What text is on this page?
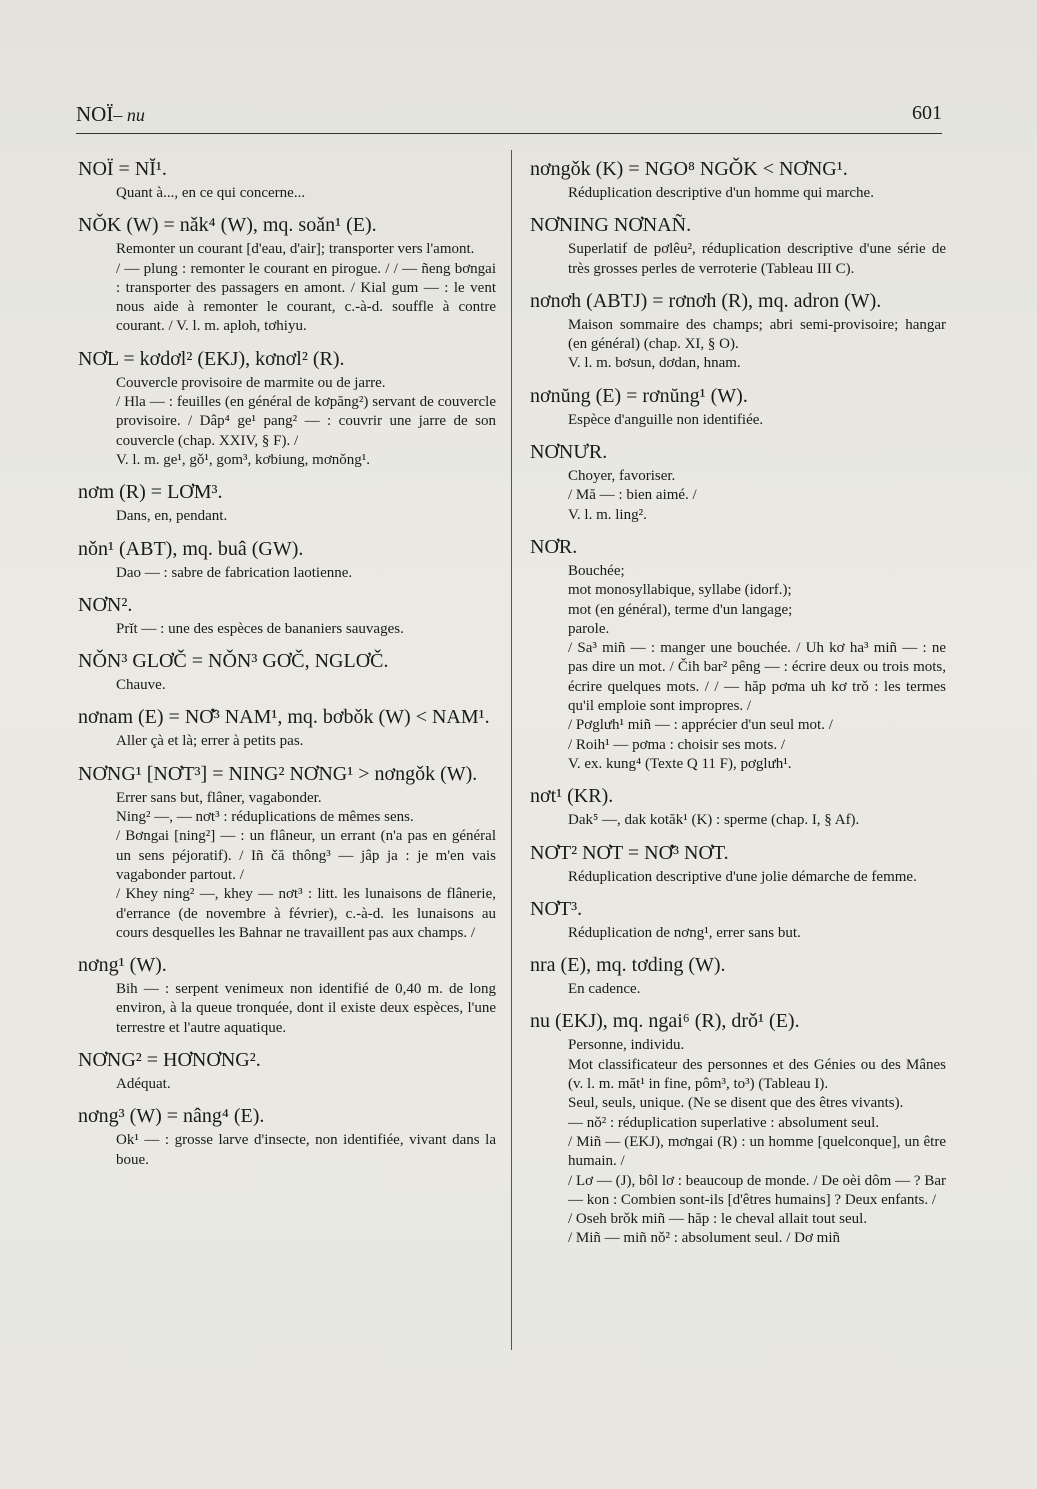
NOÏ– nu	601
NOÏ = NĬ¹.

Quant à..., en ce qui concerne...

NǑK (W) = nǎk⁴ (W), mq. soǎn¹ (E).

Remonter un courant [d'eau, d'air]; transporter vers l'amont.

/ — plung : remonter le courant en pirogue. / / — ñeng bơngai : transporter des passagers en amont. / Kial gum — : le vent nous aide à remonter le courant, c.-à-d. souffle à contre courant. / V. l. m. aploh, tơhiyu.

NƠL = kơdơl² (EKJ), kơnơl² (R).

Couvercle provisoire de marmite ou de jarre.

/ Hla — : feuilles (en général de kơpăng²) servant de couvercle provisoire. / Dâp⁴ ge¹ pang² — : couvrir une jarre de son couvercle (chap. XXIV, § F). /

V. l. m. ge¹, gǒ¹, gom³, kơbiung, mơnǒng¹.

nơm (R) = LƠM³.

Dans, en, pendant.

nǒn¹ (ABT), mq. buâ (GW).

Dao — : sabre de fabrication laotienne.

NƠN².

Prĭt — : une des espèces de bananiers sauvages.

NǑN³ GLƠČ = NǑN³ GƠČ, NGLƠČ.

Chauve.

nơnam (E) = NƠ̆³ NAM¹, mq. bơbǒk (W) < NAM¹.

Aller çà et là; errer à petits pas.

NƠNG¹ [NƠT³] = NING² NƠNG¹ > nơngǒk (W).

Errer sans but, flâner, vagabonder.

Ning² —, — nơt³ : réduplications de mêmes sens.

/ Bơngai [ning²] — : un flâneur, un errant (n'a pas en général un sens péjoratif). / Iñ čă thông³ — jâp ja : je m'en vais vagabonder partout. /

/ Khey ning² —, khey — nơt³ : litt. les lunaisons de flânerie, d'errance (de novembre à février), c.-à-d. les lunaisons au cours desquelles les Bahnar ne travaillent pas aux champs. /

nơng¹ (W).

Bih — : serpent venimeux non identifié de 0,40 m. de long environ, à la queue tronquée, dont il existe deux espèces, l'une terrestre et l'autre aquatique.

NƠNG² = HƠNƠNG².

Adéquat.

nơng³ (W) = nâng⁴ (E).

Ok¹ — : grosse larve d'insecte, non identifiée, vivant dans la boue.

nơngǒk (K) = NGO⁸ NGǑK < NƠNG¹.

Réduplication descriptive d'un homme qui marche.

NƠNING NƠNAÑ.

Superlatif de pơlêu², réduplication descriptive d'une série de très grosses perles de verroterie (Tableau III C).

nơnơh (ABTJ) = rơnơh (R), mq. adron (W).

Maison sommaire des champs; abri semi-provisoire; hangar (en général) (chap. XI, § O).

V. l. m. bơsun, dơdan, hnam.

nơnŭng (E) = rơnŭng¹ (W).

Espèce d'anguille non identifiée.

NƠNƯR.

Choyer, favoriser.

/ Mă — : bien aimé. /

V. l. m. ling².

NƠR.

Bouchée;

mot monosyllabique, syllabe (idorf.);

mot (en général), terme d'un langage;

parole.

/ Sa³ miñ — : manger une bouchée. / Uh kơ ha³ miñ — : ne pas dire un mot. / Čih bar² pêng — : écrire deux ou trois mots, écrire quelques mots. / / — hăp pơma uh kơ trǒ : les termes qu'il emploie sont impropres. /

/ Pơglưh¹ miñ — : apprécier d'un seul mot. /

/ Roih¹ — pơma : choisir ses mots. /

V. ex. kung⁴ (Texte Q 11 F), pơglưh¹.

nơt¹ (KR).

Dak⁵ —, dak kotăk¹ (K) : sperme (chap. I, § Af).

NƠT² NƠT = NƠ̆³ NƠT.

Réduplication descriptive d'une jolie démarche de femme.

NƠT³.

Réduplication de nơng¹, errer sans but.

nra (E), mq. tơding (W).

En cadence.

nu (EKJ), mq. ngai⁶ (R), drǒ¹ (E).

Personne, individu.

Mot classificateur des personnes et des Génies ou des Mânes (v. l. m. măt¹ in fine, pôm³, to³) (Tableau I).

Seul, seuls, unique. (Ne se disent que des êtres vivants).

— nǒ² : réduplication superlative : absolument seul.

/ Miñ — (EKJ), mơngai (R) : un homme [quelconque], un être humain. /

/ Lơ — (J), bôl lơ : beaucoup de monde. / De oèi dôm — ? Bar — kon : Combien sont-ils [d'êtres humains] ? Deux enfants. /

/ Oseh brǒk miñ — hăp : le cheval allait tout seul.

/ Miñ — miñ nǒ² : absolument seul. / Dơ miñ
